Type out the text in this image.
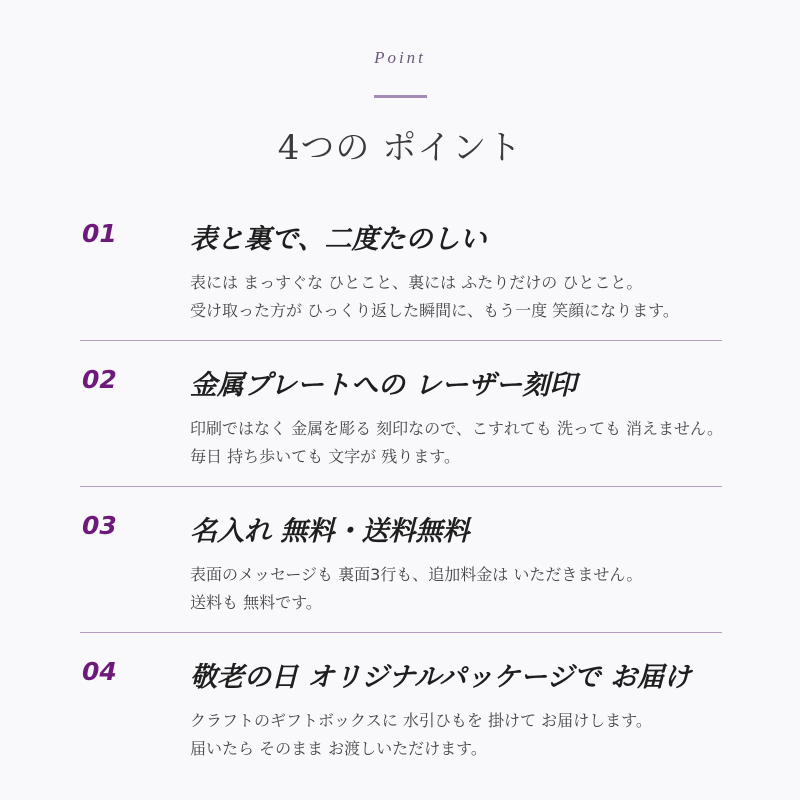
Point
4つの ポイント
01	表と裏で、二度たのしい
表には まっすぐな ひとこと、裏には ふたりだけの ひとこと。
受け取った方が ひっくり返した瞬間に、もう一度 笑顔になります。
02	金属プレートへの レーザー刻印
印刷ではなく 金属を彫る 刻印なので、こすれても 洗っても 消えません。
毎日 持ち歩いても 文字が 残ります。
03	名入れ 無料・送料無料
表面のメッセージも 裏面3行も、追加料金は いただきません。
送料も 無料です。
04	敬老の日 オリジナルパッケージで お届け
クラフトのギフトボックスに 水引ひもを 掛けて お届けします。
届いたら そのまま お渡しいただけます。
